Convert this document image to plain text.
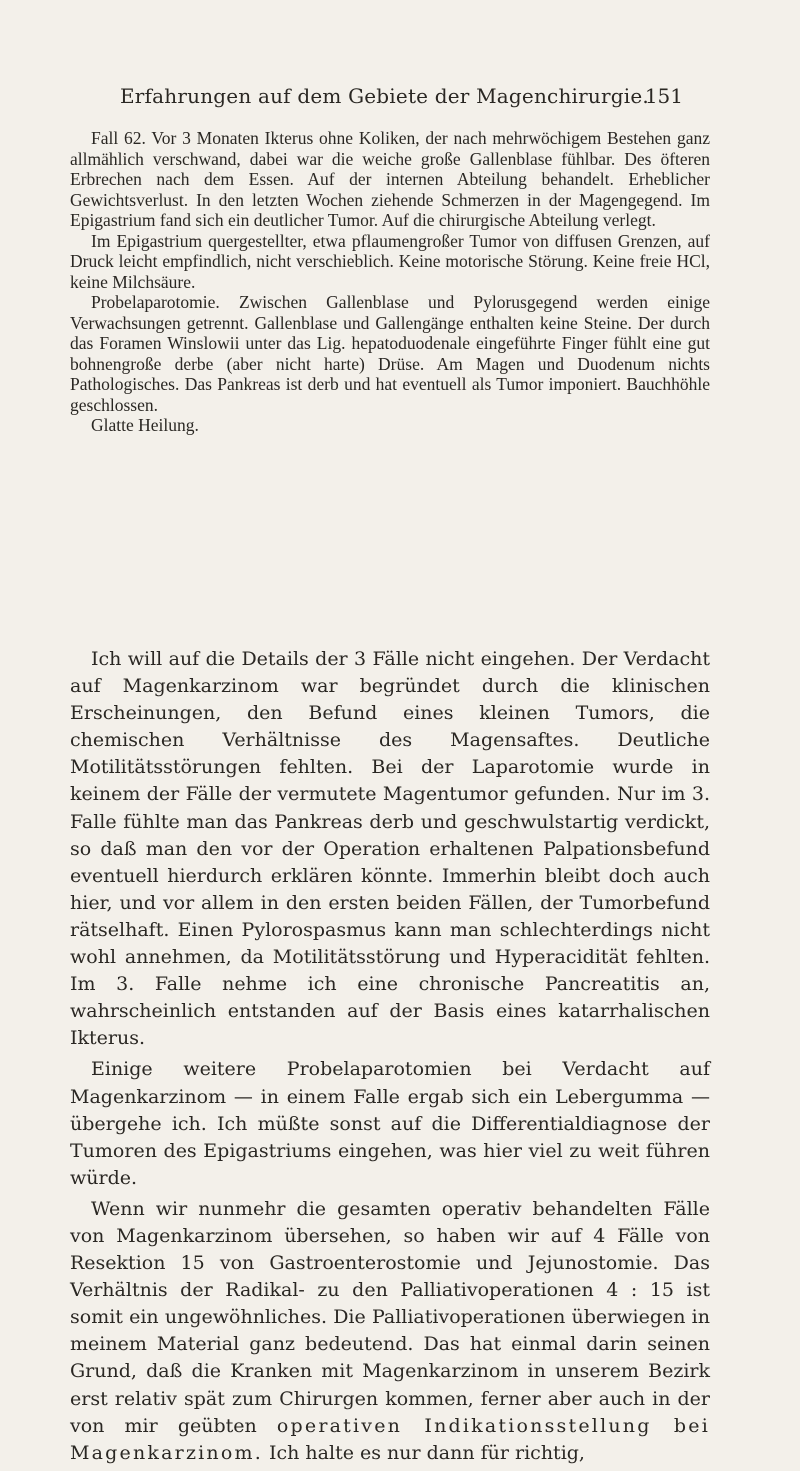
Erfahrungen auf dem Gebiete der Magenchirurgie.
151

Fall 62. Vor 3 Monaten Ikterus ohne Koliken, der nach mehrwöchigem Bestehen ganz allmählich verschwand, dabei war die weiche große Gallenblase fühlbar. Des öfteren Erbrechen nach dem Essen. Auf der internen Abteilung behandelt. Erheblicher Gewichtsverlust. In den letzten Wochen ziehende Schmerzen in der Magengegend. Im Epigastrium fand sich ein deutlicher Tumor. Auf die chirurgische Abteilung verlegt.

Im Epigastrium quergestellter, etwa pflaumengroßer Tumor von diffusen Grenzen, auf Druck leicht empfindlich, nicht verschieblich. Keine motorische Störung. Keine freie HCl, keine Milchsäure.

Probelaparotomie. Zwischen Gallenblase und Pylorusgegend werden einige Verwachsungen getrennt. Gallenblase und Gallengänge enthalten keine Steine. Der durch das Foramen Winslowii unter das Lig. hepatoduodenale eingeführte Finger fühlt eine gut bohnengroße derbe (aber nicht harte) Drüse. Am Magen und Duodenum nichts Pathologisches. Das Pankreas ist derb und hat eventuell als Tumor imponiert. Bauchhöhle geschlossen.

Glatte Heilung.

Ich will auf die Details der 3 Fälle nicht eingehen. Der Verdacht auf Magenkarzinom war begründet durch die klinischen Erscheinungen, den Befund eines kleinen Tumors, die chemischen Verhältnisse des Magensaftes. Deutliche Motilitätsstörungen fehlten. Bei der Laparotomie wurde in keinem der Fälle der vermutete Magentumor gefunden. Nur im 3. Falle fühlte man das Pankreas derb und geschwulstartig verdickt, so daß man den vor der Operation erhaltenen Palpationsbefund eventuell hierdurch erklären könnte. Immerhin bleibt doch auch hier, und vor allem in den ersten beiden Fällen, der Tumorbefund rätselhaft. Einen Pylorospasmus kann man schlechterdings nicht wohl annehmen, da Motilitätsstörung und Hyperacidität fehlten. Im 3. Falle nehme ich eine chronische Pancreatitis an, wahrscheinlich entstanden auf der Basis eines katarrhalischen Ikterus.

Einige weitere Probelaparotomien bei Verdacht auf Magenkarzinom — in einem Falle ergab sich ein Lebergumma — übergehe ich. Ich müßte sonst auf die Differentialdiagnose der Tumoren des Epigastriums eingehen, was hier viel zu weit führen würde.

Wenn wir nunmehr die gesamten operativ behandelten Fälle von Magenkarzinom übersehen, so haben wir auf 4 Fälle von Resektion 15 von Gastroenterostomie und Jejunostomie. Das Verhältnis der Radikal- zu den Palliativoperationen 4 : 15 ist somit ein ungewöhnliches. Die Palliativoperationen überwiegen in meinem Material ganz bedeutend. Das hat einmal darin seinen Grund, daß die Kranken mit Magenkarzinom in unserem Bezirk erst relativ spät zum Chirurgen kommen, ferner aber auch in der von mir geübten operativen Indikationsstellung bei Magenkarzinom. Ich halte es nur dann für richtig,
